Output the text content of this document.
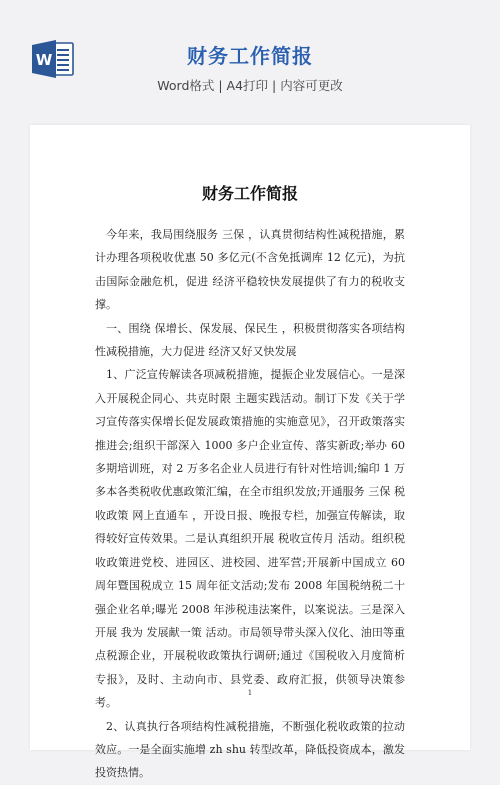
W	财务工作简报
Word格式 | A4打印 | 内容可更改
财务工作简报

今年来，我局围绕服务 三保 ，认真贯彻结构性减税措施，累计办理各项税收优惠 50 多亿元(不含免抵调库 12 亿元)，为抗击国际金融危机，促进 经济平稳较快发展提供了有力的税收支撑。

一、围绕 保增长、保发展、保民生 ，积极贯彻落实各项结构性减税措施，大力促进 经济又好又快发展

1、广泛宣传解读各项减税措施，提振企业发展信心。一是深入开展税企同心、共克时限 主题实践活动。制订下发《关于学习宣传落实保增长促发展政策措施的实施意见》，召开政策落实推进会;组织干部深入 1000 多户企业宣传、落实新政;举办 60 多期培训班，对 2 万多名企业人员进行有针对性培训;编印 1 万多本各类税收优惠政策汇编，在全市组织发放;开通服务 三保 税收政策 网上直通车 ，开设日报、晚报专栏，加强宣传解读，取得较好宣传效果。二是认真组织开展 税收宣传月 活动。组织税收政策进党校、进园区、进校园、进军营;开展新中国成立 60 周年暨国税成立 15 周年征文活动;发布 2008 年国税纳税二十强企业名单;曝光 2008 年涉税违法案件，以案说法。三是深入开展 我为 发展献一策 活动。市局领导带头深入仪化、油田等重点税源企业，开展税收政策执行调研;通过《国税收入月度简析专报》，及时、主动向市、县党委、政府汇报，供领导决策参考。

2、认真执行各项结构性减税措施，不断强化税收政策的拉动效应。一是全面实施增 zh shu 转型改革，降低投资成本，激发投资热情。

1
